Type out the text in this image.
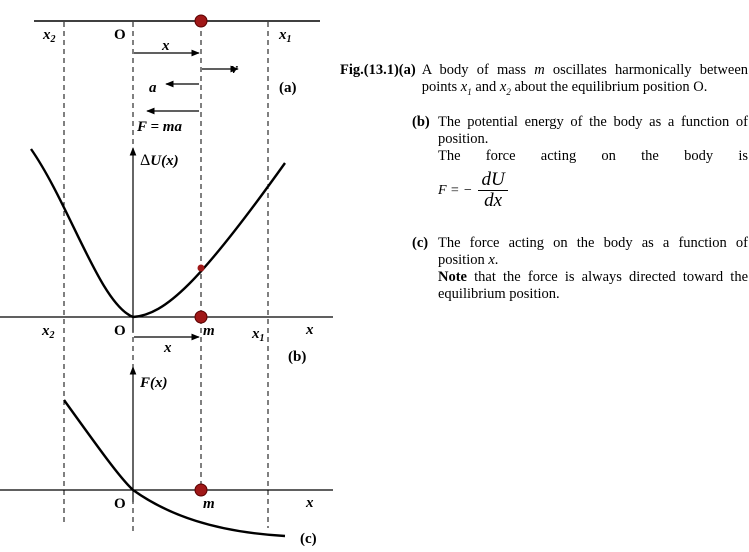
$x_2$	O	$x_1$
x
v
a
F = ma
(a)
ΔU(x)
$x_2$	O	m $x_1$
x
x
(b)
F(x)
O	m	x
(c)
Fig.(13.1)(a) A body of mass m oscillates harmonically between points $x_1$ and $x_2$ about the equilibrium position O.
(b) The potential energy of the body as a function of position.
The force acting on the body is
F = − $\frac{dU}{dx}$
(c) The force acting on the body as a function of position x.
Note that the force is always directed toward the equilibrium position.
